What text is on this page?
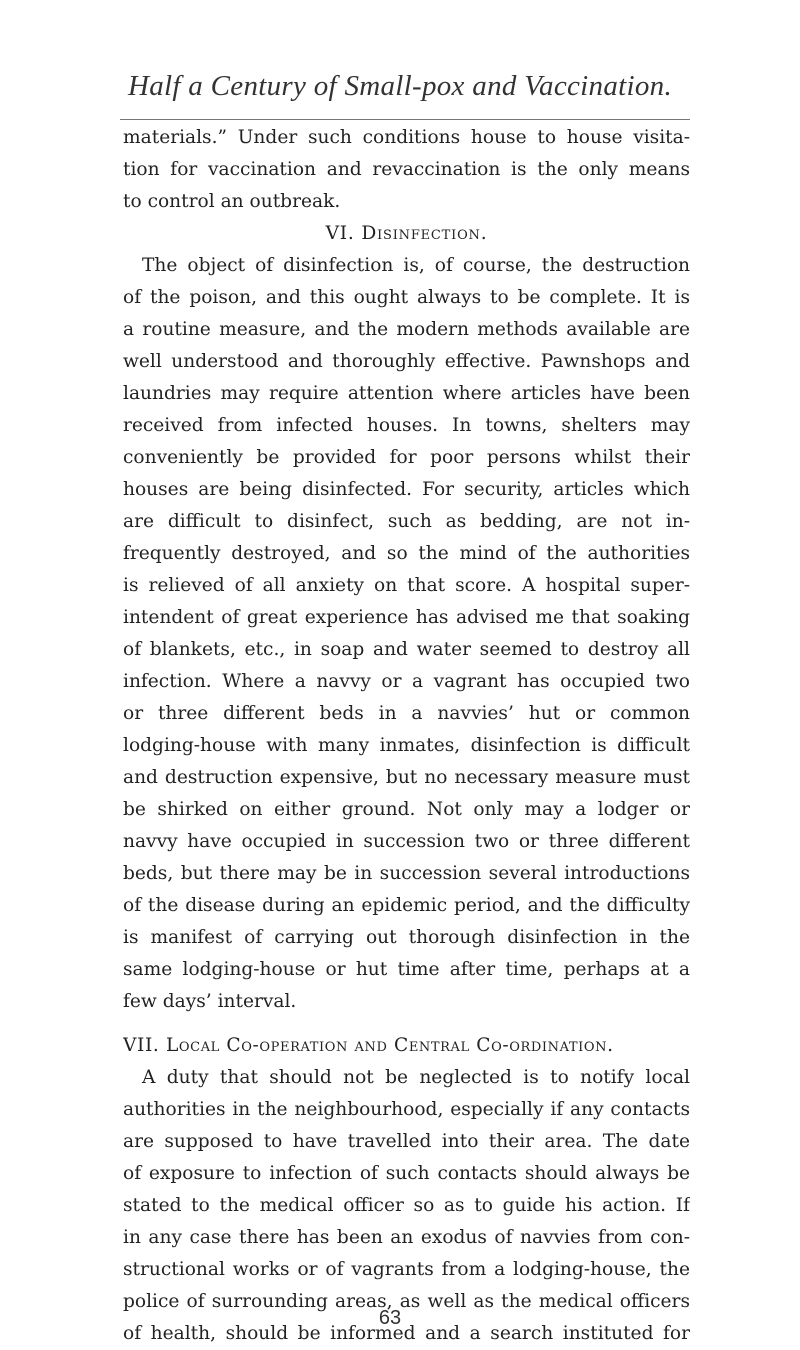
Half a Century of Small-pox and Vaccination.
materials.” Under such conditions house to house visita-
tion for vaccination and revaccination is the only means
to control an outbreak.
VI. Disinfection.
The object of disinfection is, of course, the destruction
of the poison, and this ought always to be complete. It is
a routine measure, and the modern methods available are
well understood and thoroughly effective. Pawnshops and
laundries may require attention where articles have been
received from infected houses. In towns, shelters may
conveniently be provided for poor persons whilst their
houses are being disinfected. For security, articles which
are difficult to disinfect, such as bedding, are not in-
frequently destroyed, and so the mind of the authorities
is relieved of all anxiety on that score. A hospital super-
intendent of great experience has advised me that soaking
of blankets, etc., in soap and water seemed to destroy all
infection. Where a navvy or a vagrant has occupied two
or three different beds in a navvies’ hut or common
lodging-house with many inmates, disinfection is difficult
and destruction expensive, but no necessary measure must
be shirked on either ground. Not only may a lodger or
navvy have occupied in succession two or three different
beds, but there may be in succession several introductions
of the disease during an epidemic period, and the difficulty
is manifest of carrying out thorough disinfection in the
same lodging-house or hut time after time, perhaps at a
few days’ interval.
VII. Local Co-operation and Central Co-ordination.
A duty that should not be neglected is to notify local
authorities in the neighbourhood, especially if any contacts
are supposed to have travelled into their area. The date
of exposure to infection of such contacts should always be
stated to the medical officer so as to guide his action. If
in any case there has been an exodus of navvies from con-
structional works or of vagrants from a lodging-house, the
police of surrounding areas, as well as the medical officers
of health, should be informed and a search instituted for
63
